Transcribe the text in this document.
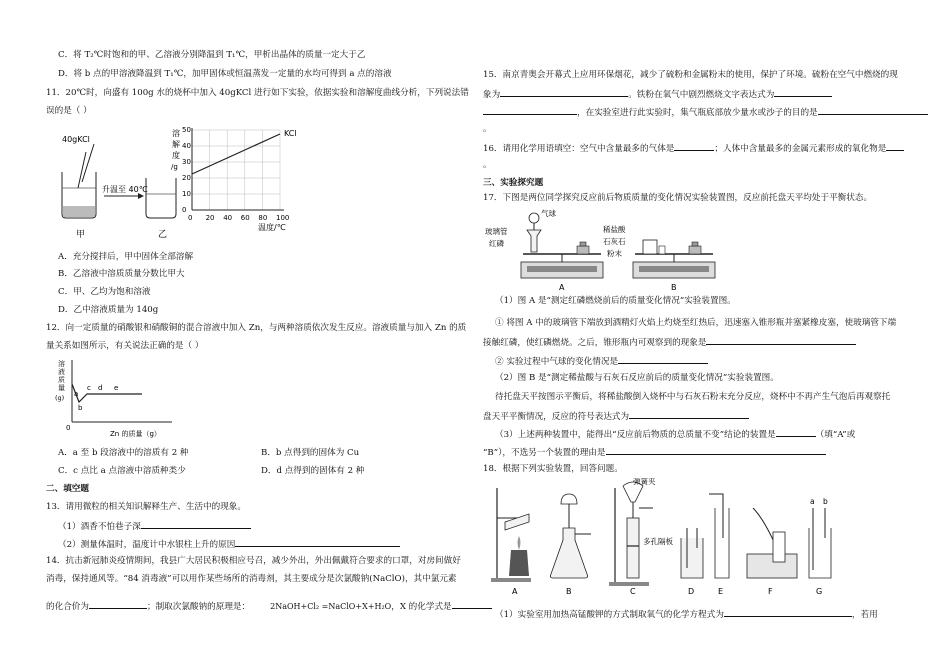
C．将 T₂℃时饱和的甲、乙溶液分别降温到 T₁℃，甲析出晶体的质量一定大于乙
D．将 b 点的甲溶液降温到 T₁℃，加甲固体或恒温蒸发一定量的水均可得到 a 点的溶液
11．20℃时，向盛有 100g 水的烧杯中加入 40gKCl 进行如下实验，依据实验和溶解度曲线分析，下列说法错
误的是（ ）
40gKCl
升温至 40℃
甲	乙
溶
解
度
/g
KCl
0 20 40 60 80 100
0
10
20
30
40
50
温度/℃
A．充分搅拌后，甲中固体全部溶解
B．乙溶液中溶质质量分数比甲大
C．甲、乙均为饱和溶液
D．乙中溶液质量为 140g
12．向一定质量的硝酸银和硝酸铜的混合溶液中加入 Zn，与两种溶质依次发生反应。溶液质量与加入 Zn 的质
量关系如图所示，有关说法正确的是（ ）
溶
液
质
量
(g) a
b
c d e
0
Zn 的质量（g）
A．a 至 b 段溶液中的溶质有 2 种	B．b 点得到的固体为 Cu
C．c 点比 a 点溶液中溶质种类少	D．d 点得到的固体有 2 种
二、填空题
13．请用微粒的相关知识解释生产、生活中的现象。
（1）酒香不怕巷子深
（2）测量体温时，温度计中水银柱上升的原因
14．抗击新冠肺炎疫情期间，我县广大居民积极相应号召，减少外出，外出佩戴符合要求的口罩，对房间做好
消毒，保持通风等。“84 消毒液”可以用作某些场所的消毒剂，其主要成分是次氯酸钠(NaClO)，其中氯元素
的化合价为	；制取次氯酸钠的原理是：	2NaOH+Cl₂ =NaClO+X+H₂O，X 的化学式是
15．南京青奥会开幕式上应用环保烟花，减少了硫粉和金属粉末的使用，保护了环境。硫粉在空气中燃烧的现
象为	。铁粉在氧气中剧烈燃烧文字表达式为
，在实验室进行此实验时，集气瓶底部放少量水或沙子的目的是
。
16．请用化学用语填空：空气中含量最多的气体是	；人体中含量最多的金属元素形成的氧化物是
。
三、实验探究题
17．下图是两位同学探究反应前后物质质量的变化情况实验装置图，反应前托盘天平均处于平衡状态。
气球
玻璃管
红磷
稀盐酸
石灰石
粉末
A	B
（1）图 A 是“测定红磷燃烧前后的质量变化情况”实验装置图。
① 将图 A 中的玻璃管下端放到酒精灯火焰上灼烧至红热后，迅速塞入锥形瓶并塞紧橡皮塞，使玻璃管下端
接触红磷，使红磷燃烧。之后，锥形瓶内可观察到的现象是
② 实验过程中气球的变化情况是
（2）图 B 是“测定稀盐酸与石灰石反应前后的质量变化情况”实验装置图。
待托盘天平按图示平衡后，将稀盐酸倒入烧杯中与石灰石粉末充分反应，烧杯中不再产生气泡后再观察托
盘天平平衡情况，反应的符号表达式为
（3）上述两种装置中，能得出“反应前后物质的总质量不变”结论的装置是	（填“A”或
“B”），不选另一个装置的理由是
18．根据下列实验装置，回答问题。
弹簧夹
多孔隔板
a b
A	B	C	D	E	F	G
（1）实验室用加热高锰酸钾的方式制取氧气的化学方程式为	，若用
